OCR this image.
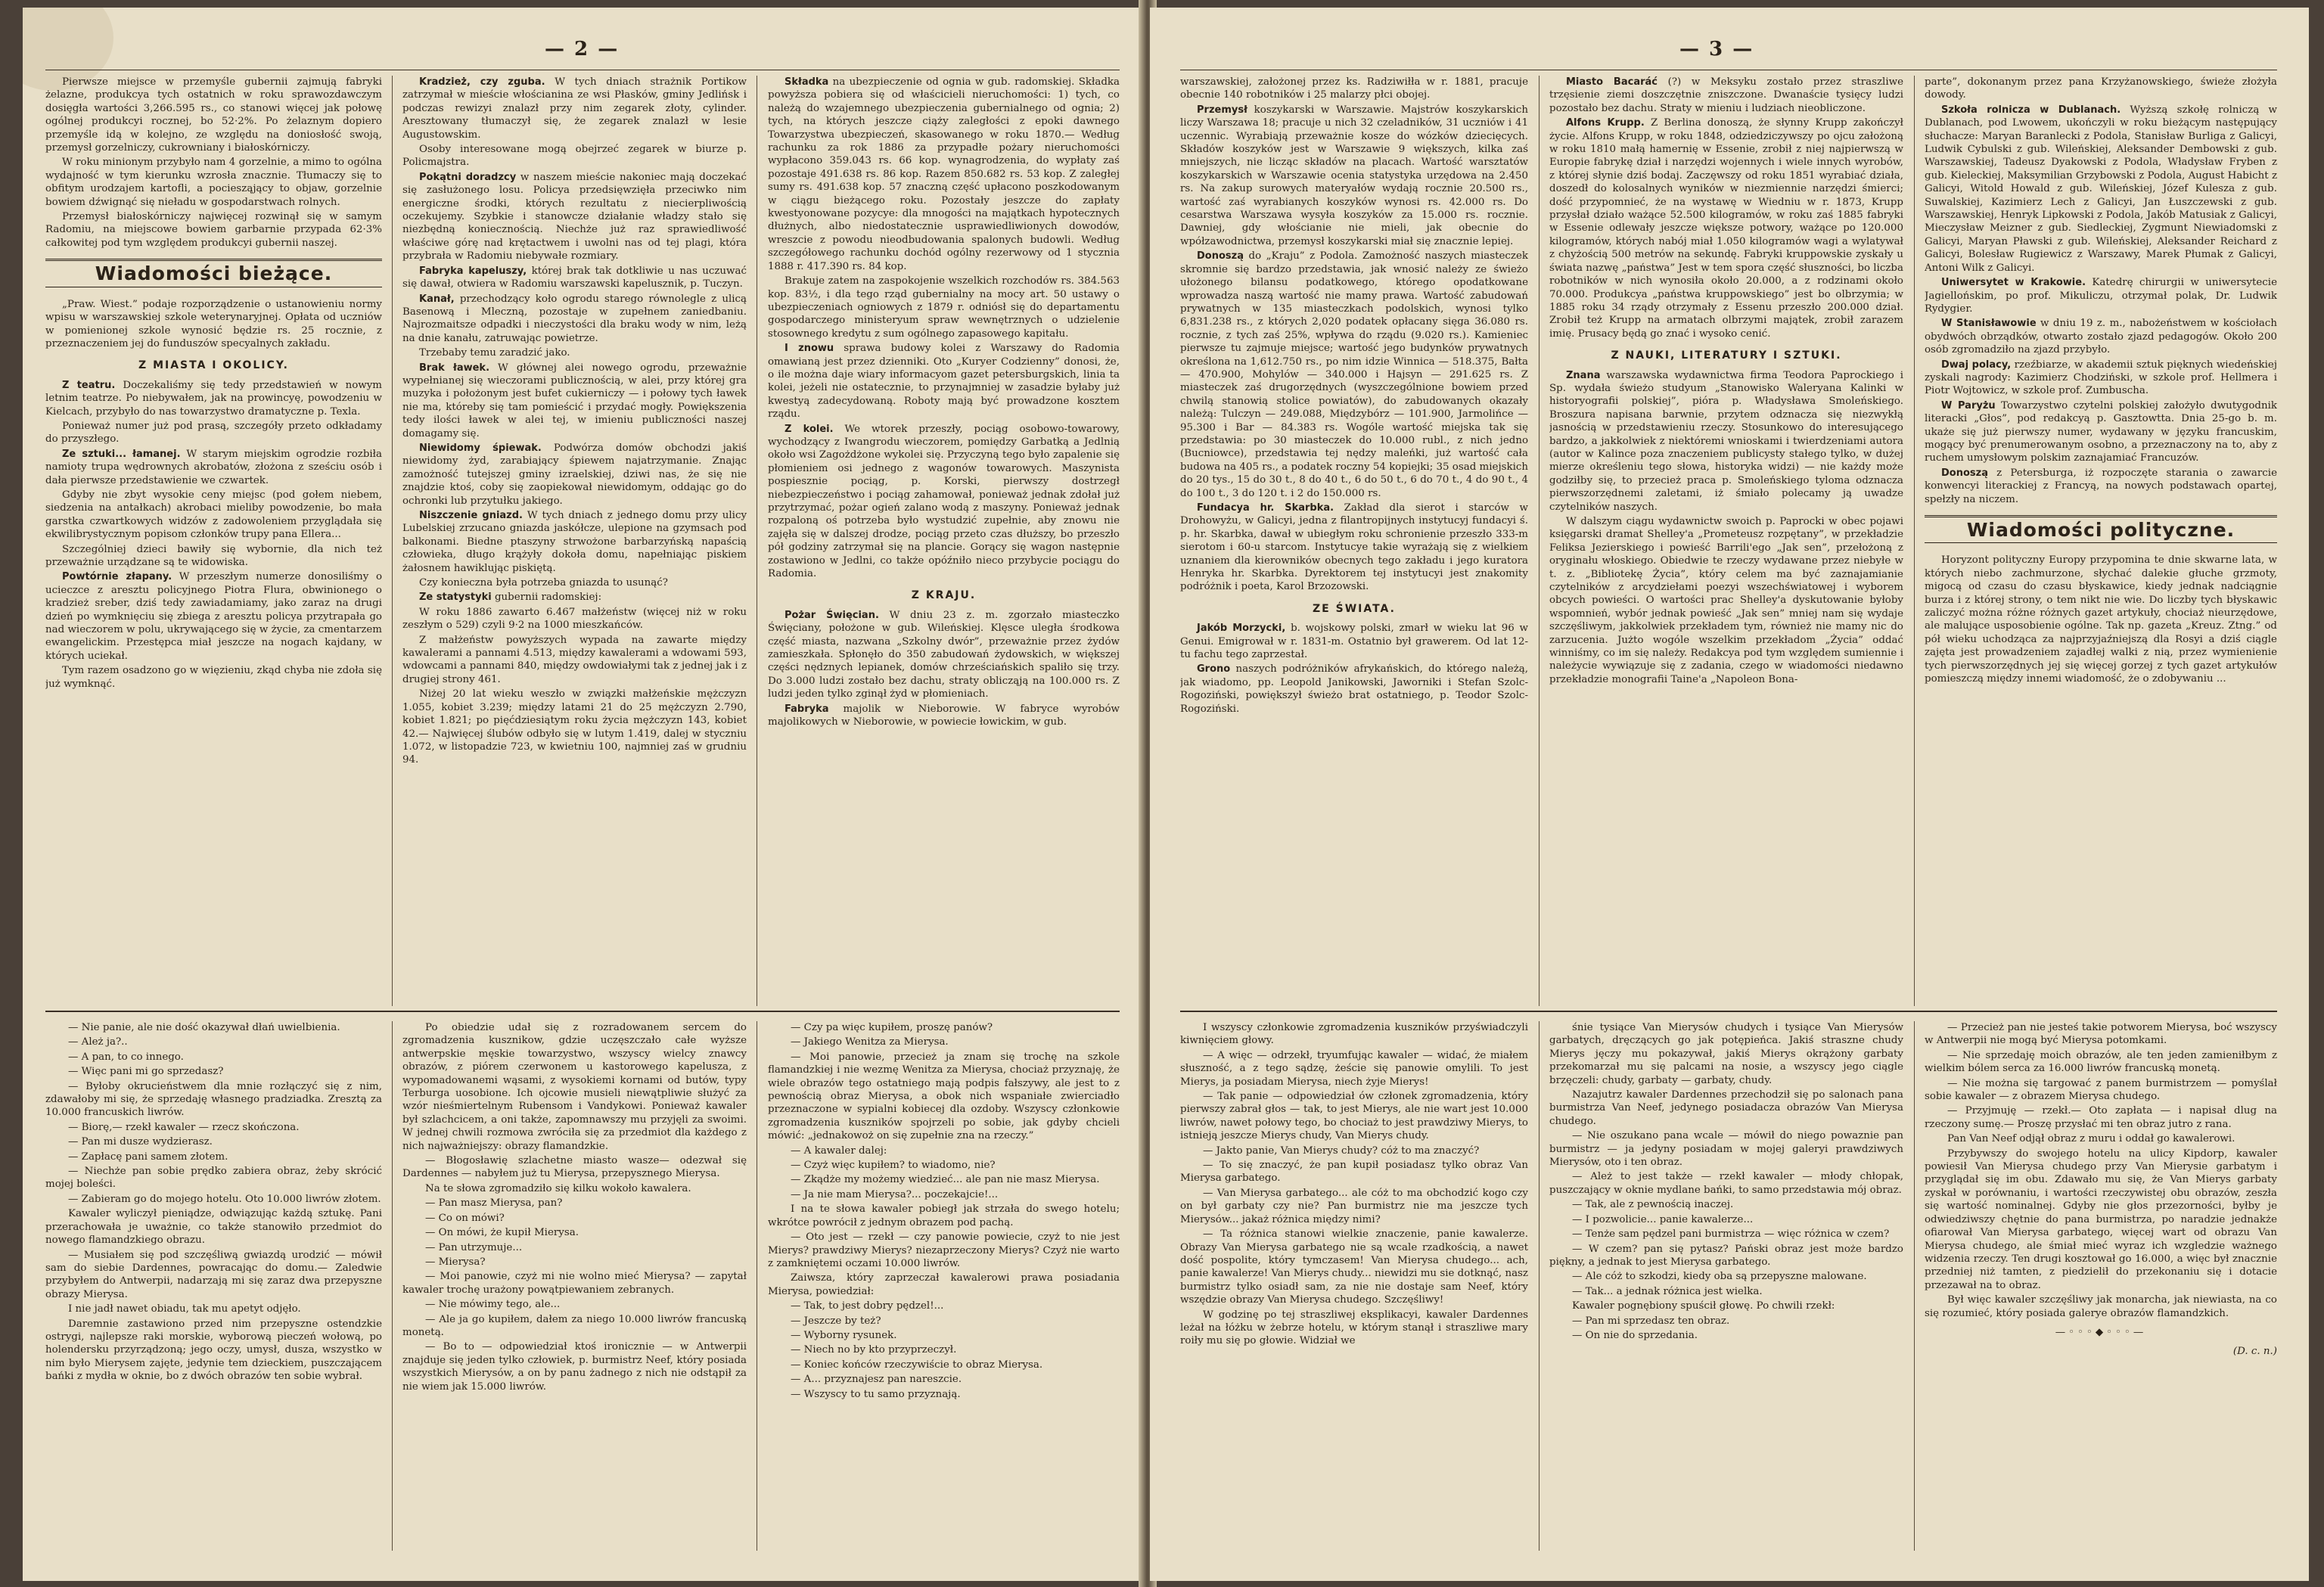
— 2 —

Pierwsze miejsce w przemyśle gubernii zajmują fabryki żelazne, produkcya tych ostatnich w roku sprawozdawczym dosięgła wartości 3,266.595 rs., co stanowi więcej jak połowę ogólnej produkcyi rocznej, bo 52·2%. Po żelaznym dopiero przemyśle idą w kolejno, ze względu na doniosłość swoją, przemysł gorzelniczy, cukrowniany i białoskórniczy.

W roku minionym przybyło nam 4 gorzelnie, a mimo to ogólna wydajność w tym kierunku wzrosła znacznie. Tłumaczy się to obfitym urodzajem kartofli, a pociesząjący to objaw, gorzelnie bowiem dźwignąć się nieładu w gospodarstwach rolnych.

Przemysł białoskórniczy najwięcej rozwinął się w samym Radomiu, na miejscowe bowiem garbarnie przypada 62·3% całkowitej pod tym względem produkcyi gubernii naszej.

Wiadomości bieżące.

„Praw. Wiest.” podaje rozporządzenie o ustanowieniu normy wpisu w warszawskiej szkole weterynaryjnej. Opłata od uczniów w pomienionej szkole wynosić będzie rs. 25 rocznie, z przeznaczeniem jej do funduszów specyalnych zakładu.

Z MIASTA I OKOLICY.

Z teatru. Doczekaliśmy się tedy przedstawień w nowym letnim teatrze. Po niebywałem, jak na prowincyę, powodzeniu w Kielcach, przybyło do nas towarzystwo dramatyczne p. Texla.

Ponieważ numer już pod prasą, szczegóły przeto odkładamy do przyszłego.

Ze sztuki... łamanej. W starym miejskim ogrodzie rozbiła namioty trupa wędrownych akrobatów, złożona z sześciu osób i dała pierwsze przedstawienie we czwartek.

Gdyby nie zbyt wysokie ceny miejsc (pod gołem niebem, siedzenia na antałkach) akrobaci mieliby powodzenie, bo mała garstka czwartkowych widzów z zadowoleniem przyglądała się ekwilibrystycznym popisom członków trupy pana Ellera...

Szczególniej dzieci bawiły się wybornie, dla nich też przeważnie urządzane są te widowiska.

Powtórnie złapany. W przeszłym numerze donosiliśmy o ucieczce z aresztu policyjnego Piotra Flura, obwinionego o kradzież sreber, dziś tedy zawiadamiamy, jako zaraz na drugi dzień po wymknięciu się zbiega z aresztu policya przytrapała go nad wieczorem w polu, ukrywającego się w życie, za cmentarzem ewangelickim. Przestępca miał jeszcze na nogach kajdany, w których uciekał.

Tym razem osadzono go w więzieniu, zkąd chyba nie zdoła się już wymknąć.

Kradzież, czy zguba. W tych dniach strażnik Portikow zatrzymał w mieście włościanina ze wsi Płasków, gminy Jedlińsk i podczas rewizyi znalazł przy nim zegarek złoty, cylinder. Aresztowany tłumaczył się, że zegarek znalazł w lesie Augustowskim.

Osoby interesowane mogą obejrzeć zegarek w biurze p. Policmajstra.

Pokątni doradzcy w naszem mieście nakoniec mają doczekać się zasłużonego losu. Policya przedsięwzięła przeciwko nim energiczne środki, których rezultatu z niecierpliwością oczekujemy. Szybkie i stanowcze działanie władzy stało się niezbędną koniecznością. Niechże już raz sprawiedliwość właściwe górę nad krętactwem i uwolni nas od tej plagi, która przybrała w Radomiu niebywałe rozmiary.

Fabryka kapeluszy, której brak tak dotkliwie u nas uczuwać się dawał, otwiera w Radomiu warszawski kapelusznik, p. Tuczyn.

Kanał, przechodzący koło ogrodu starego równolegle z ulicą Basenową i Mleczną, pozostaje w zupełnem zaniedbaniu. Najrozmaitsze odpadki i nieczystości dla braku wody w nim, leżą na dnie kanału, zatruwając powietrze.

Trzebaby temu zaradzić jako.

Brak ławek. W głównej alei nowego ogrodu, przeważnie wypełnianej się wieczorami publicznością, w alei, przy której gra muzyka i położonym jest bufet cukierniczy — i połowy tych ławek nie ma, któreby się tam pomieścić i przydać mogły. Powiększenia tedy ilości ławek w alei tej, w imieniu publiczności naszej domagamy się.

Niewidomy śpiewak. Podwórza domów obchodzi jakiś niewidomy żyd, zarabiający śpiewem najatrzymanie. Znając zamożność tutejszej gminy izraelskiej, dziwi nas, że się nie znajdzie ktoś, coby się zaopiekował niewidomym, oddając go do ochronki lub przytułku jakiego.

Niszczenie gniazd. W tych dniach z jednego domu przy ulicy Lubelskiej zrzucano gniazda jaskółcze, ulepione na gzymsach pod balkonami. Biedne ptaszyny strwożone barbarzyńską napaścią człowieka, długo krążyły dokoła domu, napełniając piskiem żałosnem hawiklując piskiętą.

Czy konieczna była potrzeba gniazda to usunąć?

Ze statystyki gubernii radomskiej:

W roku 1886 zawarto 6.467 małżeństw (więcej niż w roku zeszłym o 529) czyli 9·2 na 1000 mieszkańców.

Z małżeństw powyższych wypada na zawarte między kawalerami a pannami 4.513, między kawalerami a wdowami 593, wdowcami a pannami 840, między owdowiałymi tak z jednej jak i z drugiej strony 461.

Niżej 20 lat wieku weszło w związki małżeńskie mężczyzn 1.055, kobiet 3.239; między latami 21 do 25 mężczyzn 2.790, kobiet 1.821; po pięćdziesiątym roku życia mężczyzn 143, kobiet 42.— Najwięcej ślubów odbyło się w lutym 1.419, dalej w styczniu 1.072, w listopadzie 723, w kwietniu 100, najmniej zaś w grudniu 94.

Składka na ubezpieczenie od ognia w gub. radomskiej. Składka powyższa pobiera się od właścicieli nieruchomości: 1) tych, co należą do wzajemnego ubezpieczenia gubernialnego od ognia; 2) tych, na których jeszcze ciąży zaległości z epoki dawnego Towarzystwa ubezpieczeń, skasowanego w roku 1870.— Według rachunku za rok 1886 za przypadłe pożary nieruchomości wypłacono 359.043 rs. 66 kop. wynagrodzenia, do wypłaty zaś pozostaje 491.638 rs. 86 kop. Razem 850.682 rs. 53 kop. Z zaległej sumy rs. 491.638 kop. 57 znaczną część upłacono poszkodowanym w ciągu bieżącego roku. Pozostały jeszcze do zapłaty kwestyonowane pozycye: dla mnogości na majątkach hypotecznych dłużnych, albo niedostatecznie usprawiedliwionych dowodów, wreszcie z powodu nieodbudowania spalonych budowli. Według szczegółowego rachunku dochód ogólny rezerwowy od 1 stycznia 1888 r. 417.390 rs. 84 kop.

Brakuje zatem na zaspokojenie wszelkich rozchodów rs. 384.563 kop. 83½, i dla tego rząd gubernialny na mocy art. 50 ustawy o ubezpieczeniach ogniowych z 1879 r. odniósł się do departamentu gospodarczego ministeryum spraw wewnętrznych o udzielenie stosownego kredytu z sum ogólnego zapasowego kapitału.

I znowu sprawa budowy kolei z Warszawy do Radomia omawianą jest przez dzienniki. Oto „Kuryer Codzienny” donosi, że, o ile można daje wiary informacyom gazet petersburgskich, linia ta kolei, jeżeli nie ostatecznie, to przynajmniej w zasadzie byłaby już kwestyą zadecydowaną. Roboty mają być prowadzone kosztem rządu.

Z kolei. We wtorek przeszły, pociąg osobowo-towarowy, wychodzący z Iwangrodu wieczorem, pomiędzy Garbatką a Jedlnią około wsi Zagożdżone wykolei się. Przyczyną tego było zapalenie się płomieniem osi jednego z wagonów towarowych. Maszynista pospiesznie pociąg, p. Korski, pierwszy dostrzegł niebezpieczeństwo i pociąg zahamował, ponieważ jednak zdołał już przytrzymać, pożar ogień zalano wodą z maszyny. Ponieważ jednak rozpaloną oś potrzeba było wystudzić zupełnie, aby znowu nie zajęła się w dalszej drodze, pociąg przeto czas dłuższy, bo przeszło pół godziny zatrzymał się na plancie. Gorący się wagon następnie zostawiono w Jedlni, co także opóźniło nieco przybycie pociągu do Radomia.

Z KRAJU.

Pożar Święcian. W dniu 23 z. m. zgorzało miasteczko Święciany, położone w gub. Wileńskiej. Klęsce uległa środkowa część miasta, nazwana „Szkolny dwór”, przeważnie przez żydów zamieszkała. Spłonęło do 350 zabudowań żydowskich, w większej części nędznych lepianek, domów chrześciańskich spaliło się trzy. Do 3.000 ludzi zostało bez dachu, straty oblicząją na 100.000 rs. Z ludzi jeden tylko zginął żyd w płomieniach.

Fabryka majolik w Nieborowie. W fabryce wyrobów majolikowych w Nieborowie, w powiecie łowickim, w gub.

— Nie panie, ale nie dość okazywał dłań uwielbienia.

— Ależ ja?..

— A pan, to co innego.

— Więc pani mi go sprzedasz?

— Byłoby okrucieństwem dla mnie rozłączyć się z nim, zdawałoby mi się, że sprzedaję własnego pradziadka. Zresztą za 10.000 francuskich liwrów.

— Biorę,— rzekł kawaler — rzecz skończona.

— Pan mi dusze wydzierasz.

— Zapłacę pani samem złotem.

— Niechże pan sobie prędko zabiera obraz, żeby skrócić mojej boleści.

— Zabieram go do mojego hotelu. Oto 10.000 liwrów złotem.

Kawaler wyliczył pieniądze, odwiązując każdą sztukę. Pani przerachowała je uważnie, co także stanowiło przedmiot do nowego flamandzkiego obrazu.

— Musiałem się pod szczęśliwą gwiazdą urodzić — mówił sam do siebie Dardennes, powracając do domu.— Zaledwie przybyłem do Antwerpii, nadarzają mi się zaraz dwa przepyszne obrazy Mierysa.

I nie jadł nawet obiadu, tak mu apetyt odjęło.

Daremnie zastawiono przed nim przepyszne ostendzkie ostrygi, najlepsze raki morskie, wyborową pieczeń wołową, po holendersku przyrządzoną; jego oczy, umysł, dusza, wszystko w nim było Mierysem zajęte, jedynie tem dzieckiem, puszczającem bańki z mydła w oknie, bo z dwóch obrazów ten sobie wybrał.

Po obiedzie udał się z rozradowanem sercem do zgromadzenia kusznikow, gdzie uczęszczało całe wyższe antwerpskie męskie towarzystwo, wszyscy wielcy znawcy obrazów, z piórem czerwonem u kastorowego kapelusza, z wypomadowanemi wąsami, z wysokiemi kornami od butów, typy Terburga uosobione. Ich ojcowie musieli niewątpliwie służyć za wzór nieśmiertelnym Rubensom i Vandykowi. Ponieważ kawaler był szlachcicem, a oni także, zapomnawszy mu przyjęli za swoimi. W jednej chwili rozmowa zwróciła się za przedmiot dla każdego z nich najważniejszy: obrazy flamandzkie.

— Błogosławię szlachetne miasto wasze— odezwał się Dardennes — nabyłem już tu Mierysa, przepysznego Mierysa.

Na te słowa zgromadziło się kilku wokoło kawalera.

— Pan masz Mierysa, pan?

— Co on mówi?

— On mówi, że kupił Mierysa.

— Pan utrzymuje...

— Mierysa?

— Moi panowie, czyż mi nie wolno mieć Mierysa? — zapytał kawaler trochę urażony powątpiewaniem zebranych.

— Nie mówimy tego, ale...

— Ale ja go kupiłem, dałem za niego 10.000 liwrów francuską monetą.

— Bo to — odpowiedział ktoś ironicznie — w Antwerpii znajduje się jeden tylko człowiek, p. burmistrz Neef, który posiada wszystkich Mierysów, a on by panu żadnego z nich nie odstąpił za nie wiem jak 15.000 liwrów.

— Czy pa więc kupiłem, proszę panów?

— Jakiego Wenitza za Mierysa.

— Moi panowie, przecież ja znam się trochę na szkole flamandzkiej i nie wezmę Wenitza za Mierysa, chociaż przyznaję, że wiele obrazów tego ostatniego mają podpis fałszywy, ale jest to z pewnością obraz Mierysa, a obok nich wspaniałe zwierciadło przeznaczone w sypialni kobiecej dla ozdoby. Wszyscy członkowie zgromadzenia kuszników spojrzeli po sobie, jak gdyby chcieli mówić: „jednakowoż on się zupełnie zna na rzeczy.”

— A kawaler dalej:

— Czyż więc kupiłem? to wiadomo, nie?

— Zkądże my możemy wiedzieć... ale pan nie masz Mierysa.

— Ja nie mam Mierysa?... poczekajcie!...

I na te słowa kawaler pobiegł jak strzała do swego hotelu; wkrótce powrócił z jednym obrazem pod pachą.

— Oto jest — rzekł — czy panowie powiecie, czyż to nie jest Mierys? prawdziwy Mierys? niezaprzeczony Mierys? Czyż nie warto z zamkniętemi oczami 10.000 liwrów.

Zaiwsza, który zaprzeczał kawalerowi prawa posiadania Mierysa, powiedział:

— Tak, to jest dobry pędzel!...

— Jeszcze by też?

— Wyborny rysunek.

— Niech no by kto przyprzeczył.

— Koniec końców rzeczywiście to obraz Mierysa.

— A... przyznajesz pan nareszcie.

— Wszyscy to tu samo przyznają.

— 3 —

warszawskiej, założonej przez ks. Radziwiłła w r. 1881, pracuje obecnie 140 robotników i 25 malarzy płci obojej.

Przemysł koszykarski w Warszawie. Majstrów koszykarskich liczy Warszawa 18; pracuje u nich 32 czeladników, 31 uczniów i 41 uczennic. Wyrabiają przeważnie kosze do wózków dziecięcych. Składów koszyków jest w Warszawie 9 większych, kilka zaś mniejszych, nie licząc składów na placach. Wartość warsztatów koszykarskich w Warszawie ocenia statystyka urzędowa na 2.450 rs. Na zakup surowych materyałów wydają rocznie 20.500 rs., wartość zaś wyrabianych koszyków wynosi rs. 42.000 rs. Do cesarstwa Warszawa wysyła koszyków za 15.000 rs. rocznie. Dawniej, gdy włościanie nie mieli, jak obecnie do wpółzawodnictwa, przemysł koszykarski miał się znacznie lepiej.

Donoszą do „Kraju” z Podola. Zamożność naszych miasteczek skromnie się bardzo przedstawia, jak wnosić należy ze świeżo ułożonego bilansu podatkowego, którego opodatkowane wprowadza naszą wartość nie mamy prawa. Wartość zabudowań prywatnych w 135 miasteczkach podolskich, wynosi tylko 6,831.238 rs., z których 2,020 podatek opłacany sięga 36.080 rs. rocznie, z tych zaś 25%, wpływa do rządu (9.020 rs.). Kamieniec pierwsze tu zajmuje miejsce; wartość jego budynków prywatnych określona na 1,612.750 rs., po nim idzie Winnica — 518.375, Bałta — 470.900, Mohylów — 340.000 i Hajsyn — 291.625 rs. Z miasteczek zaś drugorzędnych (wyszczególnione bowiem przed chwilą stanowią stolice powiatów), do zabudowanych okazały należą: Tulczyn — 249.088, Międzybórz — 101.900, Jarmolińce — 95.300 i Bar — 84.383 rs. Wogóle wartość miejska tak się przedstawia: po 30 miasteczek do 10.000 rubl., z nich jedno (Bucniowce), przedstawia tej nędzy maleńki, już wartość cała budowa na 405 rs., a podatek roczny 54 kopiejki; 35 osad miejskich do 20 tys., 15 do 30 t., 8 do 40 t., 6 do 50 t., 6 do 70 t., 4 do 90 t., 4 do 100 t., 3 do 120 t. i 2 do 150.000 rs.

Fundacya hr. Skarbka. Zakład dla sierot i starców w Drohowyżu, w Galicyi, jedna z filantropijnych instytucyj fundacyi ś. p. hr. Skarbka, dawał w ubiegłym roku schronienie przeszło 333-m sierotom i 60-u starcom. Instytucye takie wyrażają się z wielkiem uznaniem dla kierowników obecnych tego zakładu i jego kuratora Henryka hr. Skarbka. Dyrektorem tej instytucyi jest znakomity podróżnik i poeta, Karol Brzozowski.

ZE ŚWIATA.

Jakób Morzycki, b. wojskowy polski, zmarł w wieku lat 96 w Genui. Emigrował w r. 1831-m. Ostatnio był grawerem. Od lat 12-tu fachu tego zaprzestał.

Grono naszych podróżników afrykańskich, do którego należą, jak wiadomo, pp. Leopold Janikowski, Jaworniki i Stefan Szolc-Rogoziński, powiększył świeżo brat ostatniego, p. Teodor Szolc-Rogoziński.

Miasto Bacaráć (?) w Meksyku zostało przez straszliwe trzęsienie ziemi doszczętnie zniszczone. Dwanaście tysięcy ludzi pozostało bez dachu. Straty w mieniu i ludziach nieobliczone.

Alfons Krupp. Z Berlina donoszą, że słynny Krupp zakończył życie. Alfons Krupp, w roku 1848, odziedziczywszy po ojcu założoną w roku 1810 małą hamernię w Essenie, zrobił z niej najpierwszą w Europie fabrykę dział i narzędzi wojennych i wiele innych wyrobów, z której słynie dziś bodaj. Zaczęwszy od roku 1851 wyrabiać działa, doszedł do kolosalnych wyników w niezmiennie narzędzi śmierci; dość przypomnieć, że na wystawę w Wiedniu w r. 1873, Krupp przysłał działo ważące 52.500 kilogramów, w roku zaś 1885 fabryki w Essenie odlewały jeszcze większe potwory, ważące po 120.000 kilogramów, których nabój miał 1.050 kilogramów wagi a wylatywał z chyżością 500 metrów na sekundę. Fabryki kruppowskie zyskały u świata nazwę „państwa” Jest w tem spora część słuszności, bo liczba robotników w nich wynosiła około 20.000, a z rodzinami około 70.000. Produkcya „państwa kruppowskiego” jest bo olbrzymia; w 1885 roku 34 rządy otrzymały z Essenu przeszło 200.000 dział. Zrobił też Krupp na armatach olbrzymi majątek, zrobił zarazem imię. Prusacy będą go znać i wysoko cenić.

Z NAUKI, LITERATURY I SZTUKI.

Znana warszawska wydawnictwa firma Teodora Paprockiego i Sp. wydała świeżo studyum „Stanowisko Waleryana Kalinki w historyografii polskiej”, pióra p. Władysława Smoleńskiego. Broszura napisana barwnie, przytem odznacza się niezwykłą jasnością w przedstawieniu rzeczy. Stosunkowo do interesującego bardzo, a jakkolwiek z niektóremi wnioskami i twierdzeniami autora (autor w Kalince poza znaczeniem publicysty stałego tylko, w dużej mierze określeniu tego słowa, historyka widzi) — nie każdy może godziłby się, to przecież praca p. Smoleńskiego tyloma odznacza pierwszorzędnemi zaletami, iż śmiało polecamy ją uwadze czytelników naszych.

W dalszym ciągu wydawnictw swoich p. Paprocki w obec pojawi księgarski dramat Shelley'a „Prometeusz rozpętany”, w przekładzie Feliksa Jezierskiego i powieść Barrili'ego „Jak sen”, przełożoną z oryginału włoskiego. Obiedwie te rzeczy wydawane przez niebyłe w t. z. „Bibliotekę Życia”, który celem ma być zaznajamianie czytelników z arcydziełami poezyi wszechświatowej i wyborem obcych powieści. O wartości prac Shelley'a dyskutowanie byłoby wspomnień, wybór jednak powieść „Jak sen” mniej nam się wydaje szczęśliwym, jakkolwiek przekładem tym, również nie mamy nic do zarzucenia. Jużto wogóle wszelkim przekładom „Życia” oddać winniśmy, co im się należy. Redakcya pod tym względem sumiennie i należycie wywiązuje się z zadania, czego w wiadomości niedawno przekładzie monografii Taine'a „Napoleon Bona-

parte”, dokonanym przez pana Krzyżanowskiego, świeże złożyła dowody.

Szkoła rolnicza w Dublanach. Wyższą szkołę rolniczą w Dublanach, pod Lwowem, ukończyli w roku bieżącym następujący słuchacze: Maryan Baranlecki z Podola, Stanisław Burliga z Galicyi, Ludwik Cybulski z gub. Wileńskiej, Aleksander Dembowski z gub. Warszawskiej, Tadeusz Dyakowski z Podola, Władysław Fryben z gub. Kieleckiej, Maksymilian Grzybowski z Podola, August Habicht z Galicyi, Witold Howald z gub. Wileńskiej, Józef Kulesza z gub. Suwalskiej, Kazimierz Lech z Galicyi, Jan Łuszczewski z gub. Warszawskiej, Henryk Lipkowski z Podola, Jakób Matusiak z Galicyi, Mieczysław Meizner z gub. Siedleckiej, Zygmunt Niewiadomski z Galicyi, Maryan Pławski z gub. Wileńskiej, Aleksander Reichard z Galicyi, Bolesław Rugiewicz z Warszawy, Marek Płumak z Galicyi, Antoni Wilk z Galicyi.

Uniwersytet w Krakowie. Katedrę chirurgii w uniwersytecie Jagiellońskim, po prof. Mikuliczu, otrzymał polak, Dr. Ludwik Rydygier.

W Stanisławowie w dniu 19 z. m., nabożeństwem w kościołach obydwóch obrządków, otwarto zostało zjazd pedagogów. Około 200 osób zgromadziło na zjazd przybyło.

Dwaj polacy, rzeźbiarze, w akademii sztuk pięknych wiedeńskiej zyskali nagrody: Kazimierz Chodziński, w szkole prof. Hellmera i Piotr Wojtowicz, w szkole prof. Zumbuscha.

W Paryżu Towarzystwo czytelni polskiej założyło dwutygodnik literacki „Głos”, pod redakcyą p. Gasztowtta. Dnia 25-go b. m. ukaże się już pierwszy numer, wydawany w języku francuskim, mogący być prenumerowanym osobno, a przeznaczony na to, aby z ruchem umysłowym polskim zaznajamiać Francuzów.

Donoszą z Petersburga, iż rozpoczęte starania o zawarcie konwencyi literackiej z Francyą, na nowych podstawach opartej, spełzły na niczem.

Wiadomości polityczne.

Horyzont polityczny Europy przypomina te dnie skwarne lata, w których niebo zachmurzone, słychać dalekie głuche grzmoty, migocą od czasu do czasu błyskawice, kiedy jednak nadciągnie burza i z której strony, o tem nikt nie wie. Do liczby tych błyskawic zaliczyć można różne różnych gazet artykuły, chociaż nieurzędowe, ale malujące usposobienie ogólne. Tak np. gazeta „Kreuz. Ztng.” od pół wieku uchodząca za najprzyjaźniejszą dla Rosyi a dziś ciągle zajęta jest prowadzeniem zajadłej walki z nią, przez wymienienie tych pierwszorzędnych jej się więcej gorzej z tych gazet artykułów pomieszczą między innemi wiadomość, że o zdobywaniu ...

I wszyscy członkowie zgromadzenia kuszników przyświadczyli kiwnięciem głowy.

— A więc — odrzekł, tryumfując kawaler — widać, że miałem słuszność, a z tego sądzę, żeście się panowie omylili. To jest Mierys, ja posiadam Mierysa, niech żyje Mierys!

— Tak panie — odpowiedział ów członek zgromadzenia, który pierwszy zabrał głos — tak, to jest Mierys, ale nie wart jest 10.000 liwrów, nawet połowy tego, bo chociaż to jest prawdziwy Mierys, to istnieją jeszcze Mierys chudy, Van Mierys chudy.

— Jakto panie, Van Mierys chudy? cóż to ma znaczyć?

— To się znaczyć, że pan kupił posiadasz tylko obraz Van Mierysa garbatego.

— Van Mierysa garbatego... ale cóż to ma obchodzić kogo czy on był garbaty czy nie? Pan burmistrz nie ma jeszcze tych Mierysów... jakaż różnica między nimi?

— Ta różnica stanowi wielkie znaczenie, panie kawalerze. Obrazy Van Mierysa garbatego nie są wcale rzadkością, a nawet dość pospolite, który tymczasem! Van Mierysa chudego... ach, panie kawalerze! Van Mierys chudy... niewidzi mu sie dotknąć, nasz burmistrz tylko osiadł sam, za nie nie dostaje sam Neef, który wszędzie obrazy Van Mierysa chudego. Szczęśliwy!

W godzinę po tej straszliwej eksplikacyi, kawaler Dardennes leżał na łóżku w żebrze hotelu, w którym stanął i straszliwe mary roiły mu się po głowie. Widział we

śnie tysiące Van Mierysów chudych i tysiące Van Mierysów garbatych, dręczących go jak potępieńca. Jakiś straszne chudy Mierys jęczy mu pokazywał, jakiś Mierys okrążony garbaty przekomarzał mu się palcami na nosie, a wszyscy jego ciągle brzęczeli: chudy, garbaty — garbaty, chudy.

Nazajutrz kawaler Dardennes przechodził się po salonach pana burmistrza Van Neef, jedynego posiadacza obrazów Van Mierysa chudego.

— Nie oszukano pana wcale — mówił do niego powaznie pan burmistrz — ja jedyny posiadam w mojej galeryi prawdziwych Mierysów, oto i ten obraz.

— Ależ to jest także — rzekł kawaler — młody chłopak, puszczający w oknie mydlane bańki, to samo przedstawia mój obraz.

— Tak, ale z pewnością inaczej.

— I pozwolicie... panie kawalerze...

— Tenże sam pędzel pani burmistrza — więc różnica w czem?

— W czem? pan się pytasz? Pański obraz jest może bardzo piękny, a jednak to jest Mierysa garbatego.

— Ale cóż to szkodzi, kiedy oba są przepyszne malowane.

— Tak... a jednak różnica jest wielka.

Kawaler pognębiony spuścił głowę. Po chwili rzekł:

— Pan mi sprzedasz ten obraz.

— On nie do sprzedania.

— Przecież pan nie jesteś takie potworem Mierysa, boć wszyscy w Antwerpii nie mogą być Mierysa potomkami.

— Nie sprzedaję moich obrazów, ale ten jeden zamieniłbym z wielkim bólem serca za 16.000 liwrów francuską monetą.

— Nie można się targować z panem burmistrzem — pomyślał sobie kawaler — z obrazem Mierysa chudego.

— Przyjmuję — rzekł.— Oto zapłata — i napisał dlug na rzeczony sumę.— Proszę przysłać mi ten obraz jutro z rana.

Pan Van Neef odjął obraz z muru i oddał go kawalerowi.

Przybywszy do swojego hotelu na ulicy Kipdorp, kawaler powiesił Van Mierysa chudego przy Van Mierysie garbatym i przyglądał się im obu. Zdawało mu się, że Van Mierys garbaty zyskał w porównaniu, i wartości rzeczywistej obu obrazów, zeszła się wartość nominalnej. Gdyby nie głos przezorności, byłby je odwiedziwszy chętnie do pana burmistrza, po naradzie jednakże ofiarował Van Mierysa garbatego, więcej wart od obrazu Van Mierysa chudego, ale śmiał mieć wyraz ich wzgledzie ważnego widzenia rzeczy. Ten drugi kosztował go 16.000, a więc był znacznie przedniej niż tamten, z piedzielił do przekonaniu się i dotacie przezawał na to obraz.

Był więc kawaler szczęśliwy jak monarcha, jak niewiasta, na co się rozumieć, który posiada galerye obrazów flamandzkich.

—◦◦◦◆◦◦◦—

(D. c. n.)
